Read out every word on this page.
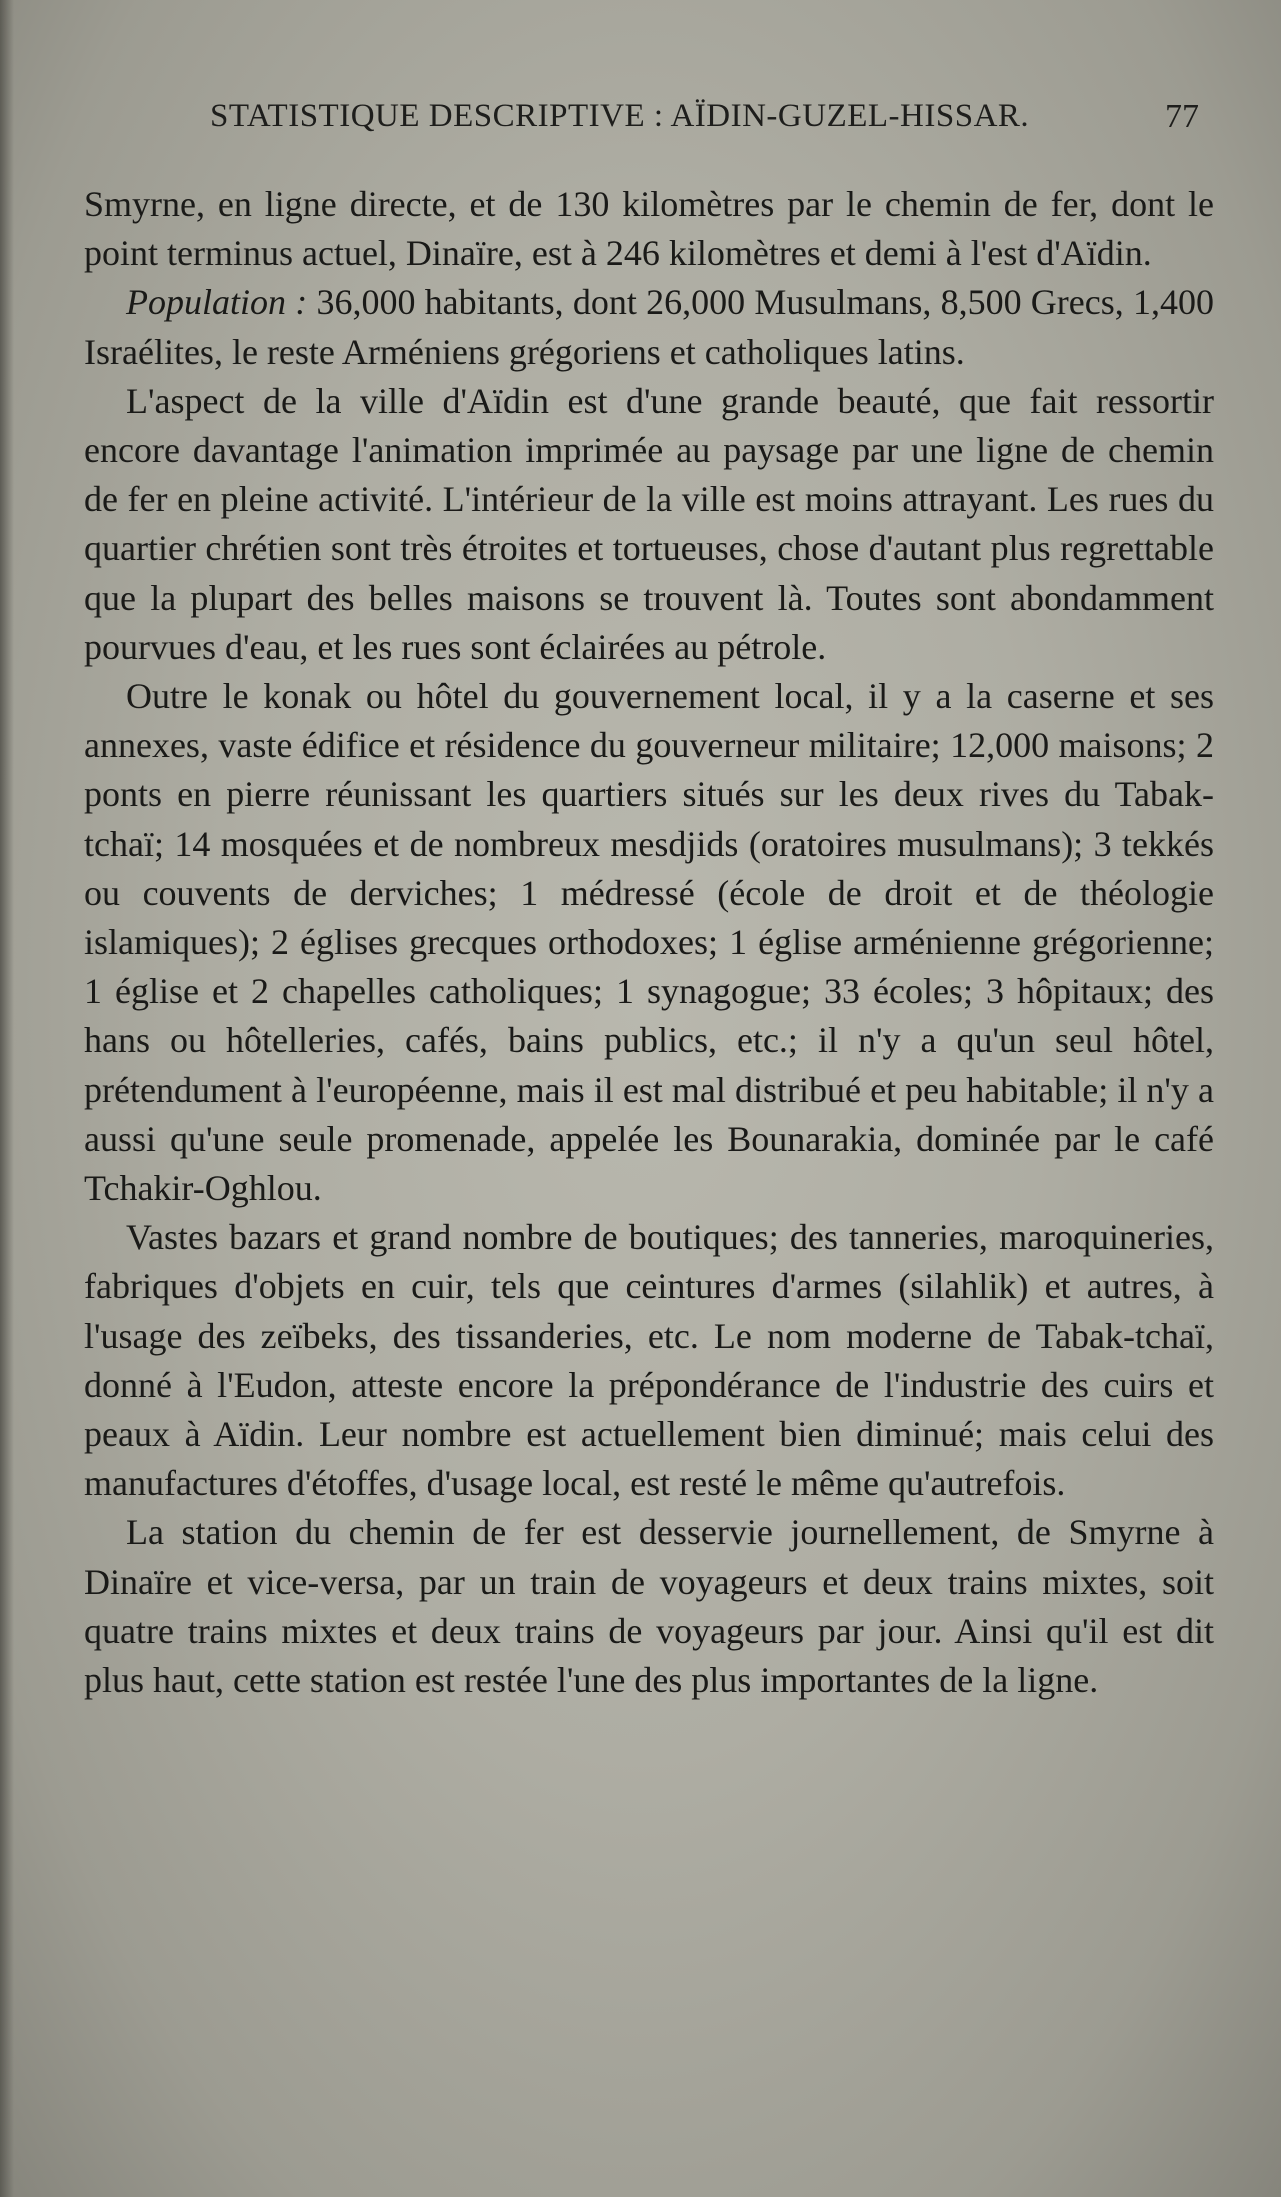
STATISTIQUE DESCRIPTIVE : AÏDIN-GUZEL-HISSAR.	77

Smyrne, en ligne directe, et de 130 kilomètres par le chemin de fer, dont le point terminus actuel, Dinaïre, est à 246 kilomètres et demi à l'est d'Aïdin.

Population : 36,000 habitants, dont 26,000 Musulmans, 8,500 Grecs, 1,400 Israélites, le reste Arméniens grégoriens et catholiques latins.

L'aspect de la ville d'Aïdin est d'une grande beauté, que fait ressortir encore davantage l'animation imprimée au paysage par une ligne de chemin de fer en pleine activité. L'intérieur de la ville est moins attrayant. Les rues du quartier chrétien sont très étroites et tortueuses, chose d'autant plus regrettable que la plupart des belles maisons se trouvent là. Toutes sont abondamment pourvues d'eau, et les rues sont éclairées au pétrole.

Outre le konak ou hôtel du gouvernement local, il y a la caserne et ses annexes, vaste édifice et résidence du gouverneur militaire; 12,000 maisons; 2 ponts en pierre réunissant les quartiers situés sur les deux rives du Tabak-tchaï; 14 mosquées et de nombreux mesdjids (oratoires musulmans); 3 tekkés ou couvents de derviches; 1 médressé (école de droit et de théologie islamiques); 2 églises grecques orthodoxes; 1 église arménienne grégorienne; 1 église et 2 chapelles catholiques; 1 synagogue; 33 écoles; 3 hôpitaux; des hans ou hôtelleries, cafés, bains publics, etc.; il n'y a qu'un seul hôtel, prétendument à l'européenne, mais il est mal distribué et peu habitable; il n'y a aussi qu'une seule promenade, appelée les Bounarakia, dominée par le café Tchakir-Oghlou.

Vastes bazars et grand nombre de boutiques; des tanneries, maroquineries, fabriques d'objets en cuir, tels que ceintures d'armes (silahlik) et autres, à l'usage des zeïbeks, des tissanderies, etc. Le nom moderne de Tabak-tchaï, donné à l'Eudon, atteste encore la prépondérance de l'industrie des cuirs et peaux à Aïdin. Leur nombre est actuellement bien diminué; mais celui des manufactures d'étoffes, d'usage local, est resté le même qu'autrefois.

La station du chemin de fer est desservie journellement, de Smyrne à Dinaïre et vice-versa, par un train de voyageurs et deux trains mixtes, soit quatre trains mixtes et deux trains de voyageurs par jour. Ainsi qu'il est dit plus haut, cette station est restée l'une des plus importantes de la ligne.
